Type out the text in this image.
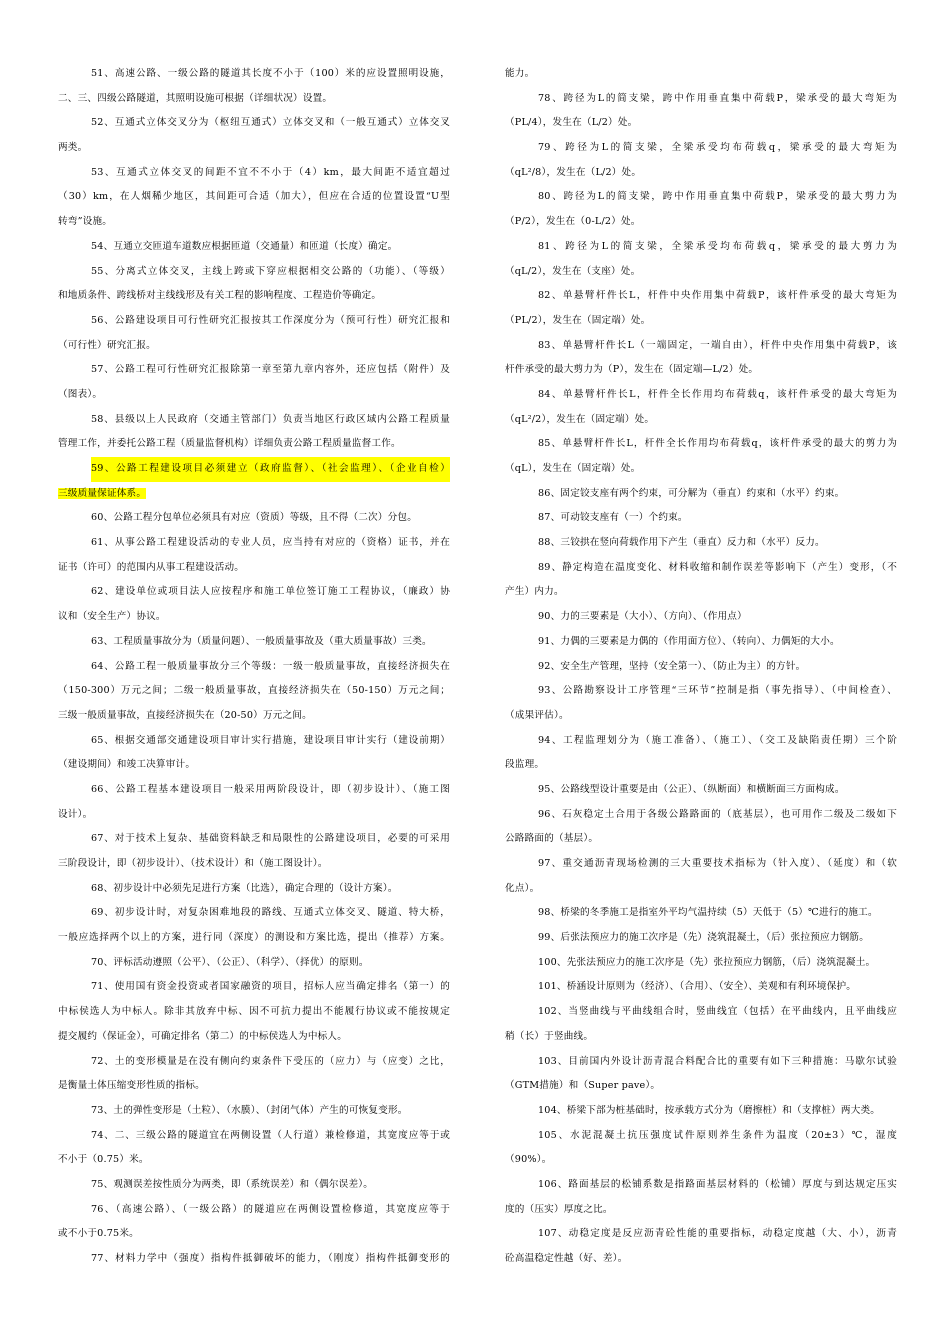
51、高速公路、一级公路的隧道其长度不小于（100）米的应设置照明设施，
二、三、四级公路隧道，其照明设施可根据（详细状况）设置。
52、互通式立体交叉分为（枢纽互通式）立体交叉和（一般互通式）立体交叉
两类。
53、互通式立体交叉的间距不宜不不小于（4）km，最大间距不适宜超过
（30）km，在人烟稀少地区，其间距可合适（加大），但应在合适的位置设置“U型
转弯”设施。
54、互通立交匝道车道数应根据匝道（交通量）和匝道（长度）确定。
55、分离式立体交叉，主线上跨或下穿应根据相交公路的（功能）、（等级）
和地质条件、跨线桥对主线线形及有关工程的影响程度、工程造价等确定。
56、公路建设项目可行性研究汇报按其工作深度分为（预可行性）研究汇报和
（可行性）研究汇报。
57、公路工程可行性研究汇报除第一章至第九章内容外，还应包括（附件）及
（图表）。
58、县级以上人民政府（交通主管部门）负责当地区行政区域内公路工程质量
管理工作，并委托公路工程（质量监督机构）详细负责公路工程质量监督工作。
59、公路工程建设项目必须建立（政府监督）、（社会监理）、（企业自检）
三级质量保证体系。
60、公路工程分包单位必须具有对应（资质）等级，且不得（二次）分包。
61、从事公路工程建设活动的专业人员，应当持有对应的（资格）证书，并在
证书（许可）的范围内从事工程建设活动。
62、建设单位或项目法人应按程序和施工单位签订施工工程协议，（廉政）协
议和（安全生产）协议。
63、工程质量事故分为（质量问题）、一般质量事故及（重大质量事故）三类。
64、公路工程一般质量事故分三个等级：一级一般质量事故，直接经济损失在
（150-300）万元之间；二级一般质量事故，直接经济损失在（50-150）万元之间；
三级一般质量事故，直接经济损失在（20-50）万元之间。
65、根据交通部交通建设项目审计实行措施，建设项目审计实行（建设前期）
（建设期间）和竣工决算审计。
66、公路工程基本建设项目一般采用两阶段设计，即（初步设计）、（施工图
设计）。
67、对于技术上复杂、基础资料缺乏和局限性的公路建设项目，必要的可采用
三阶段设计，即（初步设计）、（技术设计）和（施工图设计）。
68、初步设计中必须先足进行方案（比选），确定合理的（设计方案）。
69、初步设计时，对复杂困难地段的路线、互通式立体交叉、隧道、特大桥，
一般应选择两个以上的方案，进行同（深度）的测设和方案比选，提出（推荐）方案。
70、评标活动遵照（公平）、（公正）、（科学）、（择优）的原则。
71、使用国有资金投资或者国家融资的项目，招标人应当确定排名（第一）的
中标侯选人为中标人。除非其放弃中标、因不可抗力提出不能履行协议或不能按规定
提交履约（保证金），可确定排名（第二）的中标侯选人为中标人。
72、土的变形模量是在没有侧向约束条件下受压的（应力）与（应变）之比，
是衡量土体压缩变形性质的指标。
73、土的弹性变形是（土粒）、（水膜）、（封闭气体）产生的可恢复变形。
74、二、三级公路的隧道宜在两侧设置（人行道）兼检修道，其宽度应等于或
不小于（0.75）米。
75、观测误差按性质分为两类，即（系统误差）和（偶尔误差）。
76、（高速公路）、（一级公路）的隧道应在两侧设置检修道，其宽度应等于
或不小于0.75米。
77、材料力学中（强度）指构件抵御破坏的能力，（刚度）指构件抵御变形的
能力。
78、跨径为L的简支梁，跨中作用垂直集中荷载P，梁承受的最大弯矩为
（PL/4），发生在（L/2）处。
79、跨径为L的简支梁，全梁承受均布荷载q，梁承受的最大弯矩为
（qL²/8），发生在（L/2）处。
80、跨径为L的简支梁，跨中作用垂直集中荷载P，梁承受的最大剪力为
（P/2），发生在（0-L/2）处。
81、跨径为L的简支梁，全梁承受均布荷载q，梁承受的最大剪力为
（qL/2），发生在（支座）处。
82、单悬臂杆件长L，杆件中央作用集中荷载P，该杆件承受的最大弯矩为
（PL/2），发生在（固定端）处。
83、单悬臂杆件长L（一端固定，一端自由），杆件中央作用集中荷载P，该
杆件承受的最大剪力为（P），发生在（固定端—L/2）处。
84、单悬臂杆件长L，杆件全长作用均布荷载q，该杆件承受的最大弯矩为
（qL²/2），发生在（固定端）处。
85、单悬臂杆件长L，杆件全长作用均布荷载q，该杆件承受的最大的剪力为
（qL），发生在（固定端）处。
86、固定铰支座有两个约束，可分解为（垂直）约束和（水平）约束。
87、可动铰支座有（一）个约束。
88、三铰拱在竖向荷载作用下产生（垂直）反力和（水平）反力。
89、静定构造在温度变化、材料收缩和制作误差等影响下（产生）变形，（不
产生）内力。
90、力的三要素是（大小）、（方向）、（作用点）
91、力偶的三要素是力偶的（作用面方位）、（转向）、力偶矩的大小。
92、安全生产管理，坚持（安全第一）、（防止为主）的方针。
93、公路勘察设计工序管理“三环节”控制是指（事先指导）、（中间检查）、
（成果评估）。
94、工程监理划分为（施工准备）、（施工）、（交工及缺陷责任期）三个阶
段监理。
95、公路线型设计重要是由（公正）、（纵断面）和横断面三方面构成。
96、石灰稳定土合用于各级公路路面的（底基层），也可用作二级及二级如下
公路路面的（基层）。
97、重交通沥青现场检测的三大重要技术指标为（针入度）、（延度）和（软
化点）。
98、桥梁的冬季施工是指室外平均气温持续（5）天低于（5）℃进行的施工。
99、后张法预应力的施工次序是（先）浇筑混凝土，（后）张拉预应力钢筋。
100、先张法预应力的施工次序是（先）张拉预应力钢筋，（后）浇筑混凝土。
101、桥涵设计原则为（经济）、（合用）、（安全）、美观和有利环境保护。
102、当竖曲线与平曲线组合时，竖曲线宜（包括）在平曲线内，且平曲线应
稍（长）于竖曲线。
103、目前国内外设计沥青混合料配合比的重要有如下三种措施：马歇尔试验
（GTM措施）和（Super pave）。
104、桥梁下部为桩基础时，按承载方式分为（磨擦桩）和（支撑桩）两大类。
105、水泥混凝土抗压强度试件原则养生条件为温度（20±3）℃，湿度
（90%）。
106、路面基层的松铺系数是指路面基层材料的（松铺）厚度与到达规定压实
度的（压实）厚度之比。
107、动稳定度是反应沥青砼性能的重要指标，动稳定度越（大、小），沥青
砼高温稳定性越（好、差）。
